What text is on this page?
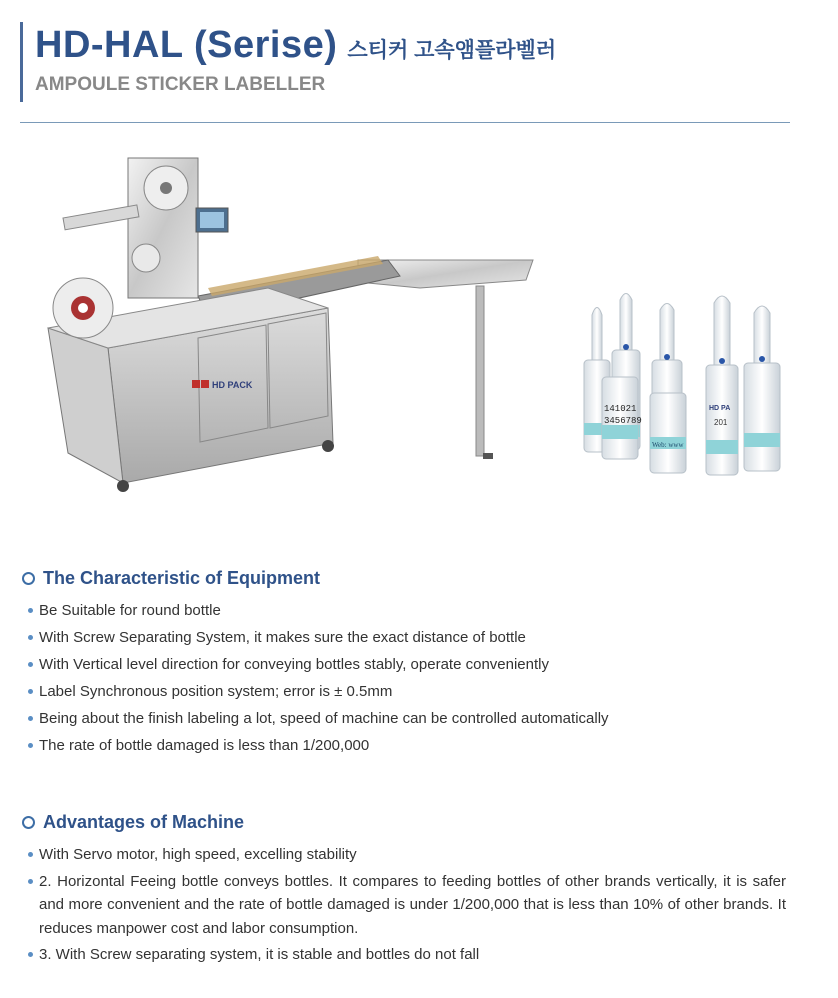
HD-HAL (Serise) 스티커 고속앰플라벨러
AMPOULE STICKER LABELLER
HD PACK
HD PA
201
141021
3456789
Web: www
The Characteristic of Equipment
Be Suitable for round bottle
With Screw Separating System, it makes sure the exact distance of bottle
With Vertical level direction for conveying bottles stably, operate conveniently
Label Synchronous position system; error is ± 0.5mm
Being about the finish labeling a lot, speed of machine can be controlled automatically
The rate of bottle damaged is less than 1/200,000
Advantages of Machine
With Servo motor, high speed, excelling stability
2. Horizontal Feeing bottle conveys bottles. It compares to feeding bottles of other brands vertically, it is safer and more convenient and the rate of bottle damaged is under 1/200,000 that is less than 10% of other brands. It reduces manpower cost and labor consumption.
3. With Screw separating system, it is stable and bottles do not fall
